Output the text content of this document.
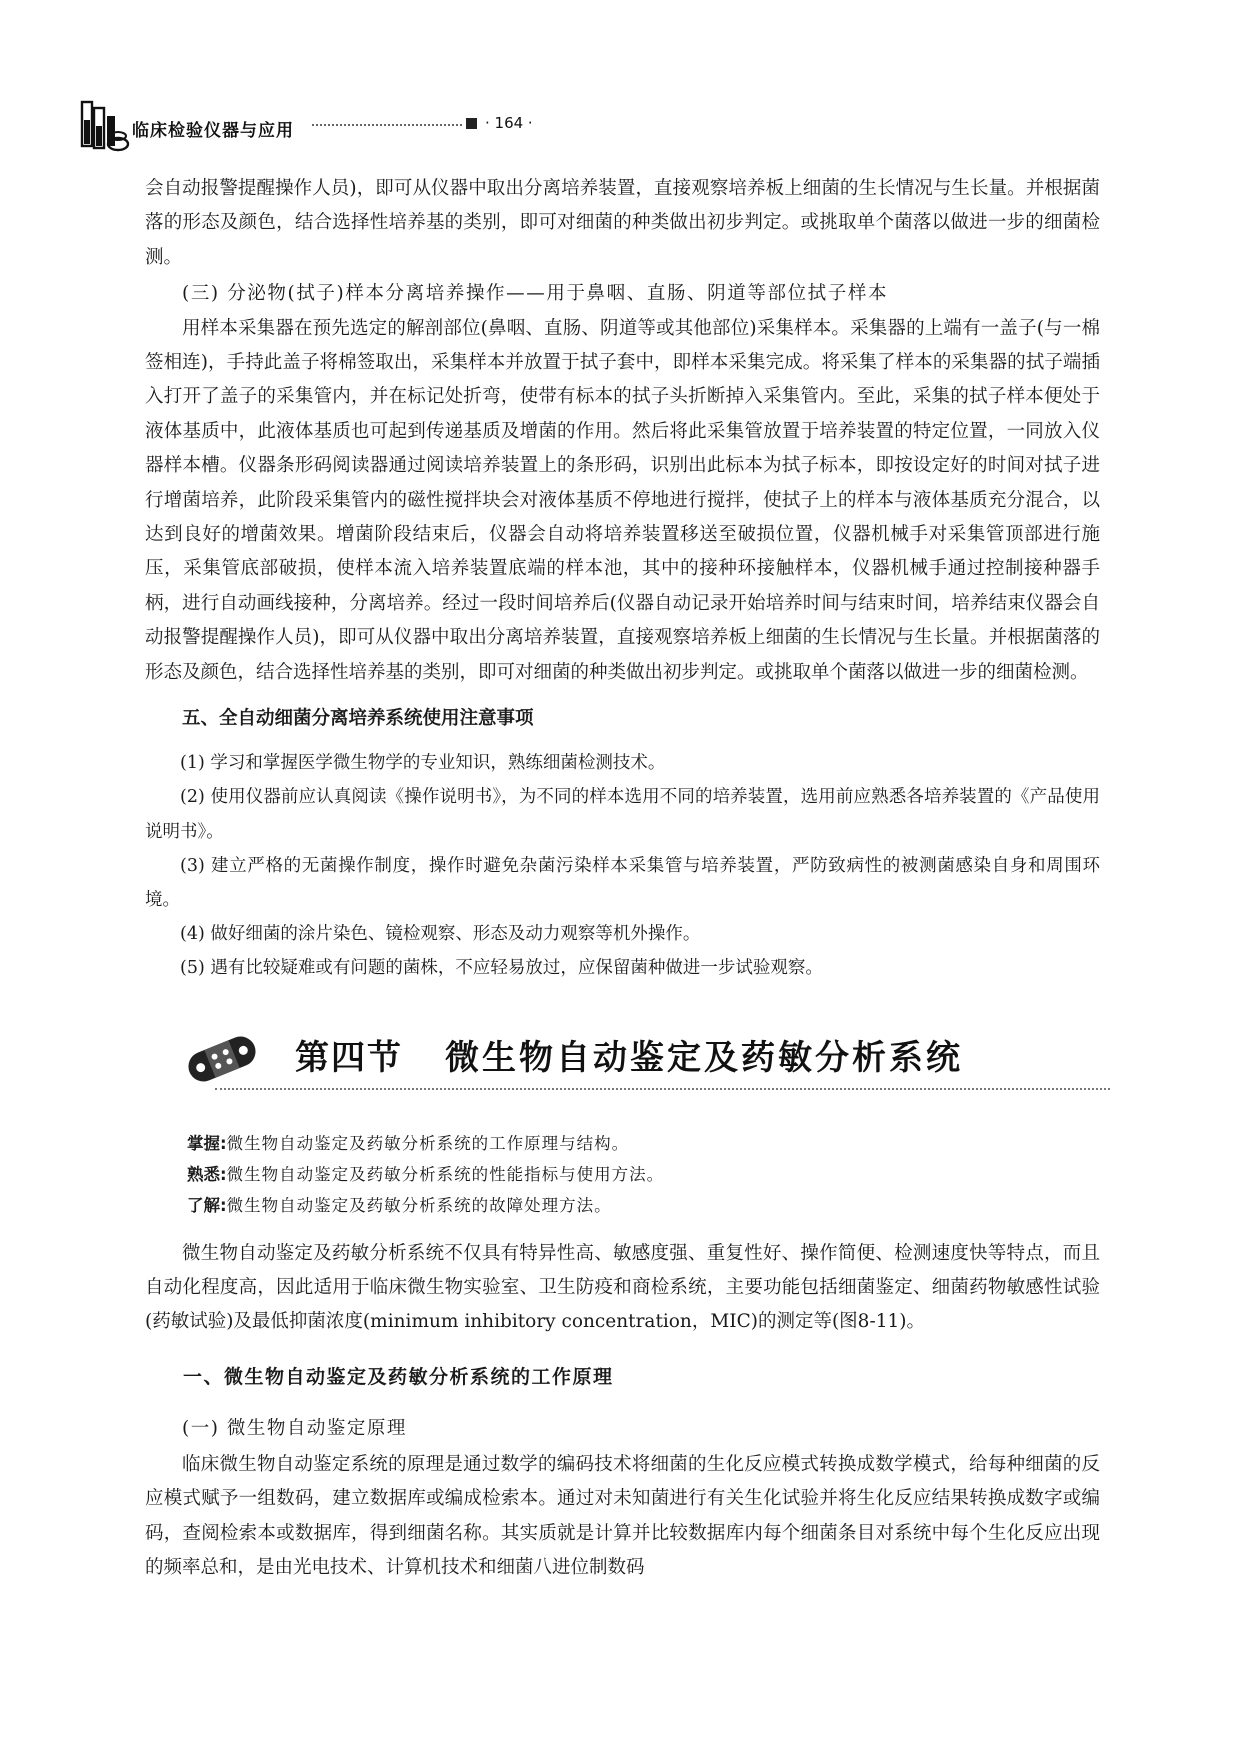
临床检验仪器与应用	· 164 ·

会自动报警提醒操作人员)，即可从仪器中取出分离培养装置，直接观察培养板上细菌的生长情况与生长量。并根据菌落的形态及颜色，结合选择性培养基的类别，即可对细菌的种类做出初步判定。或挑取单个菌落以做进一步的细菌检测。

(三) 分泌物(拭子)样本分离培养操作——用于鼻咽、直肠、阴道等部位拭子样本

用样本采集器在预先选定的解剖部位(鼻咽、直肠、阴道等或其他部位)采集样本。采集器的上端有一盖子(与一棉签相连)，手持此盖子将棉签取出，采集样本并放置于拭子套中，即样本采集完成。将采集了样本的采集器的拭子端插入打开了盖子的采集管内，并在标记处折弯，使带有标本的拭子头折断掉入采集管内。至此，采集的拭子样本便处于液体基质中，此液体基质也可起到传递基质及增菌的作用。然后将此采集管放置于培养装置的特定位置，一同放入仪器样本槽。仪器条形码阅读器通过阅读培养装置上的条形码，识别出此标本为拭子标本，即按设定好的时间对拭子进行增菌培养，此阶段采集管内的磁性搅拌块会对液体基质不停地进行搅拌，使拭子上的样本与液体基质充分混合，以达到良好的增菌效果。增菌阶段结束后，仪器会自动将培养装置移送至破损位置，仪器机械手对采集管顶部进行施压，采集管底部破损，使样本流入培养装置底端的样本池，其中的接种环接触样本，仪器机械手通过控制接种器手柄，进行自动画线接种，分离培养。经过一段时间培养后(仪器自动记录开始培养时间与结束时间，培养结束仪器会自动报警提醒操作人员)，即可从仪器中取出分离培养装置，直接观察培养板上细菌的生长情况与生长量。并根据菌落的形态及颜色，结合选择性培养基的类别，即可对细菌的种类做出初步判定。或挑取单个菌落以做进一步的细菌检测。

五、全自动细菌分离培养系统使用注意事项

(1) 学习和掌握医学微生物学的专业知识，熟练细菌检测技术。

(2) 使用仪器前应认真阅读《操作说明书》，为不同的样本选用不同的培养装置，选用前应熟悉各培养装置的《产品使用说明书》。

(3) 建立严格的无菌操作制度，操作时避免杂菌污染样本采集管与培养装置，严防致病性的被测菌感染自身和周围环境。

(4) 做好细菌的涂片染色、镜检观察、形态及动力观察等机外操作。

(5) 遇有比较疑难或有问题的菌株，不应轻易放过，应保留菌种做进一步试验观察。

第四节 微生物自动鉴定及药敏分析系统

掌握:微生物自动鉴定及药敏分析系统的工作原理与结构。

熟悉:微生物自动鉴定及药敏分析系统的性能指标与使用方法。

了解:微生物自动鉴定及药敏分析系统的故障处理方法。

微生物自动鉴定及药敏分析系统不仅具有特异性高、敏感度强、重复性好、操作简便、检测速度快等特点，而且自动化程度高，因此适用于临床微生物实验室、卫生防疫和商检系统，主要功能包括细菌鉴定、细菌药物敏感性试验(药敏试验)及最低抑菌浓度(minimum inhibitory concentration，MIC)的测定等(图8-11)。

一、微生物自动鉴定及药敏分析系统的工作原理

(一) 微生物自动鉴定原理

临床微生物自动鉴定系统的原理是通过数学的编码技术将细菌的生化反应模式转换成数学模式，给每种细菌的反应模式赋予一组数码，建立数据库或编成检索本。通过对未知菌进行有关生化试验并将生化反应结果转换成数字或编码，查阅检索本或数据库，得到细菌名称。其实质就是计算并比较数据库内每个细菌条目对系统中每个生化反应出现的频率总和，是由光电技术、计算机技术和细菌八进位制数码
